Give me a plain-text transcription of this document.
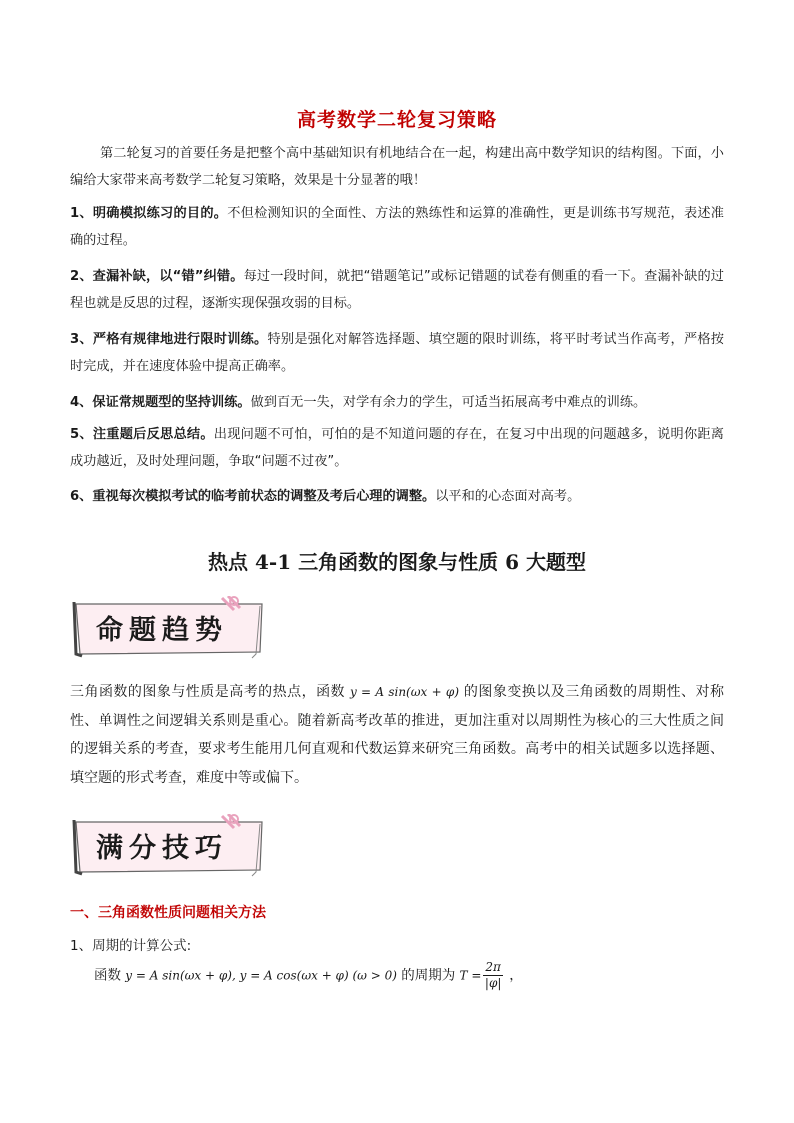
高考数学二轮复习策略

第二轮复习的首要任务是把整个高中基础知识有机地结合在一起，构建出高中数学知识的结构图。下面，小编给大家带来高考数学二轮复习策略，效果是十分显著的哦！

1、明确模拟练习的目的。不但检测知识的全面性、方法的熟练性和运算的准确性，更是训练书写规范，表述准确的过程。

2、查漏补缺，以“错”纠错。每过一段时间，就把“错题笔记”或标记错题的试卷有侧重的看一下。查漏补缺的过程也就是反思的过程，逐渐实现保强攻弱的目标。

3、严格有规律地进行限时训练。特别是强化对解答选择题、填空题的限时训练，将平时考试当作高考，严格按时完成，并在速度体验中提高正确率。

4、保证常规题型的坚持训练。做到百无一失，对学有余力的学生，可适当拓展高考中难点的训练。

5、注重题后反思总结。出现问题不可怕，可怕的是不知道问题的存在，在复习中出现的问题越多，说明你距离成功越近，及时处理问题，争取“问题不过夜”。

6、重视每次模拟考试的临考前状态的调整及考后心理的调整。以平和的心态面对高考。

热点 4-1 三角函数的图象与性质 6 大题型
命题趋势

三角函数的图象与性质是高考的热点，函数 y = A sin(ωx + φ) 的图象变换以及三角函数的周期性、对称性、单调性之间逻辑关系则是重心。随着新高考改革的推进，更加注重对以周期性为核心的三大性质之间的逻辑关系的考查，要求考生能用几何直观和代数运算来研究三角函数。高考中的相关试题多以选择题、填空题的形式考查，难度中等或偏下。

满分技巧
一、三角函数性质问题相关方法
1、周期的计算公式:
函数 y = A sin(ωx + φ), y = A cos(ωx + φ) (ω > 0) 的周期为 $T = \frac{2\pi}{|\varphi|}$ ，
